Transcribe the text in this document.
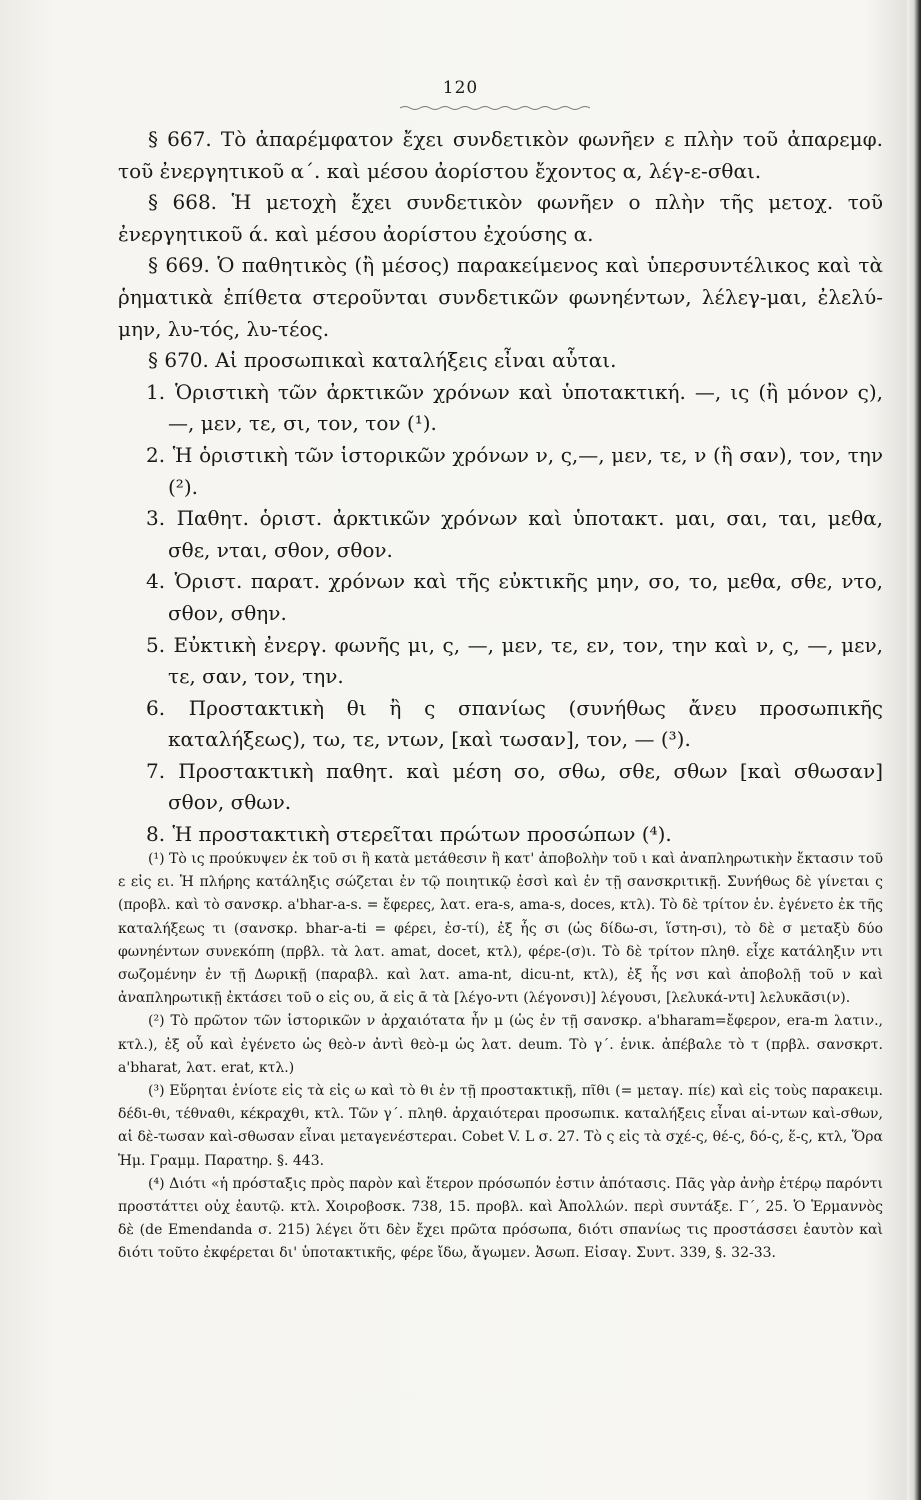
120

§ 667. Τὸ ἀπαρέμφατον ἔχει συνδετικὸν φωνῆεν ε πλὴν τοῦ ἀπαρεμφ. τοῦ ἐνεργητικοῦ α΄. καὶ μέσου ἀορίστου ἔχοντος α, λέγ-ε-σθαι.

§ 668. Ἡ μετοχὴ ἔχει συνδετικὸν φωνῆεν ο πλὴν τῆς μετοχ. τοῦ ἐνεργητικοῦ ά. καὶ μέσου ἀορίστου ἐχούσης α.

§ 669. Ὁ παθητικὸς (ἢ μέσος) παρακείμενος καὶ ὑπερσυντέλικος καὶ τὰ ῥηματικὰ ἐπίθετα στεροῦνται συνδετικῶν φωνηέντων, λέλεγ-μαι, ἐλελύ-μην, λυ-τός, λυ-τέος.

§ 670. Αἱ προσωπικαὶ καταλήξεις εἶναι αὗται.

1. Ὁριστικὴ τῶν ἀρκτικῶν χρόνων καὶ ὑποτακτική. —, ις (ἢ μόνον ς), —, μεν, τε, σι, τον, τον (¹).

2. Ἡ ὁριστικὴ τῶν ἱστορικῶν χρόνων ν, ς,—, μεν, τε, ν (ἢ σαν), τον, την (²).

3. Παθητ. ὁριστ. ἀρκτικῶν χρόνων καὶ ὑποτακτ. μαι, σαι, ται, μεθα, σθε, νται, σθον, σθον.

4. Ὁριστ. παρατ. χρόνων καὶ τῆς εὐκτικῆς μην, σο, το, μεθα, σθε, ντο, σθον, σθην.

5. Εὐκτικὴ ἐνεργ. φωνῆς μι, ς, —, μεν, τε, εν, τον, την καὶ ν, ς, —, μεν, τε, σαν, τον, την.

6. Προστακτικὴ θι ἢ ς σπανίως (συνήθως ἄνευ προσωπικῆς καταλήξεως), τω, τε, ντων, [καὶ τωσαν], τον, — (³).

7. Προστακτικὴ παθητ. καὶ μέση σο, σθω, σθε, σθων [καὶ σθωσαν] σθον, σθων.

8. Ἡ προστακτικὴ στερεῖται πρώτων προσώπων (⁴).

(¹) Τὸ ις προύκυψεν ἐκ τοῦ σι ἢ κατὰ μετάθεσιν ἢ κατ' ἀποβολὴν τοῦ ι καὶ ἀναπληρωτικὴν ἔκτασιν τοῦ ε εἰς ει. Ἡ πλήρης κατάληξις σώζεται ἐν τῷ ποιητικῷ ἐσσὶ καὶ ἐν τῇ σανσκριτικῇ. Συνήθως δὲ γίνεται ς (προβλ. καὶ τὸ σανσκρ. a'bhar-a-s. = ἔφερες, λατ. era-s, ama-s, doces, κτλ). Τὸ δὲ τρίτον ἑν. ἐγένετο ἐκ τῆς καταλήξεως τι (σανσκρ. bhar-a-ti = φέρει, ἐσ-τί), ἐξ ἧς σι (ὡς δίδω-σι, ἵστη-σι), τὸ δὲ σ μεταξὺ δύο φωνηέντων συνεκόπη (πρβλ. τὰ λατ. amat, docet, κτλ), φέρε-(σ)ι. Τὸ δὲ τρίτον πληθ. εἶχε κατάληξιν ντι σωζομένην ἐν τῇ Δωρικῇ (παραβλ. καὶ λατ. ama-nt, dicu-nt, κτλ), ἐξ ἧς νσι καὶ ἀποβολῇ τοῦ ν καὶ ἀναπληρωτικῇ ἐκτάσει τοῦ ο εἰς ου, ᾰ εἰς ᾱ τὰ [λέγο-ντι (λέγονσι)] λέγουσι, [λελυκά-ντι] λελυκᾶσι(ν).

(²) Τὸ πρῶτον τῶν ἱστορικῶν ν ἀρχαιότατα ἦν μ (ὡς ἐν τῇ σανσκρ. a'bharam=ἔφερον, era-m λατιν., κτλ.), ἐξ οὗ καὶ ἐγένετο ὡς θεὸ-ν ἀντὶ θεὸ-μ ὡς λατ. deum. Τὸ γ΄. ἑνικ. ἀπέβαλε τὸ τ (πρβλ. σανσκρτ. a'bharat, λατ. erat, κτλ.)

(³) Εὕρηται ἐνίοτε εἰς τὰ εἰς ω καὶ τὸ θι ἐν τῇ προστακτικῇ, πῖθι (= μεταγ. πίε) καὶ εἰς τοὺς παρακειμ. δέδι-θι, τέθναθι, κέκραχθι, κτλ. Τῶν γ΄. πληθ. ἀρχαιότεραι προσωπικ. καταλήξεις εἶναι αἱ-ντων καὶ-σθων, αἱ δὲ-τωσαν καὶ-σθωσαν εἶναι μεταγενέστεραι. Cobet V. L σ. 27. Τὸ ς εἰς τὰ σχέ-ς, θέ-ς, δό-ς, ἕ-ς, κτλ, Ὅρα Ἡμ. Γραμμ. Παρατηρ. §. 443.

(⁴) Διότι «ἡ πρόσταξις πρὸς παρὸν καὶ ἕτερον πρόσωπόν ἐστιν ἀπότασις. Πᾶς γὰρ ἀνὴρ ἑτέρῳ παρόντι προστάττει οὐχ ἑαυτῷ. κτλ. Χοιροβοσκ. 738, 15. προβλ. καὶ Ἀπολλών. περὶ συντάξε. Γ΄, 25. Ὁ Ἑρμαννὸς δὲ (de Emendanda σ. 215) λέγει ὅτι δὲν ἔχει πρῶτα πρόσωπα, διότι σπανίως τις προστάσσει ἑαυτὸν καὶ διότι τοῦτο ἐκφέρεται δι' ὑποτακτικῆς, φέρε ἴδω, ἄγωμεν. Ἀσωπ. Εἰσαγ. Συντ. 339, §. 32-33.
